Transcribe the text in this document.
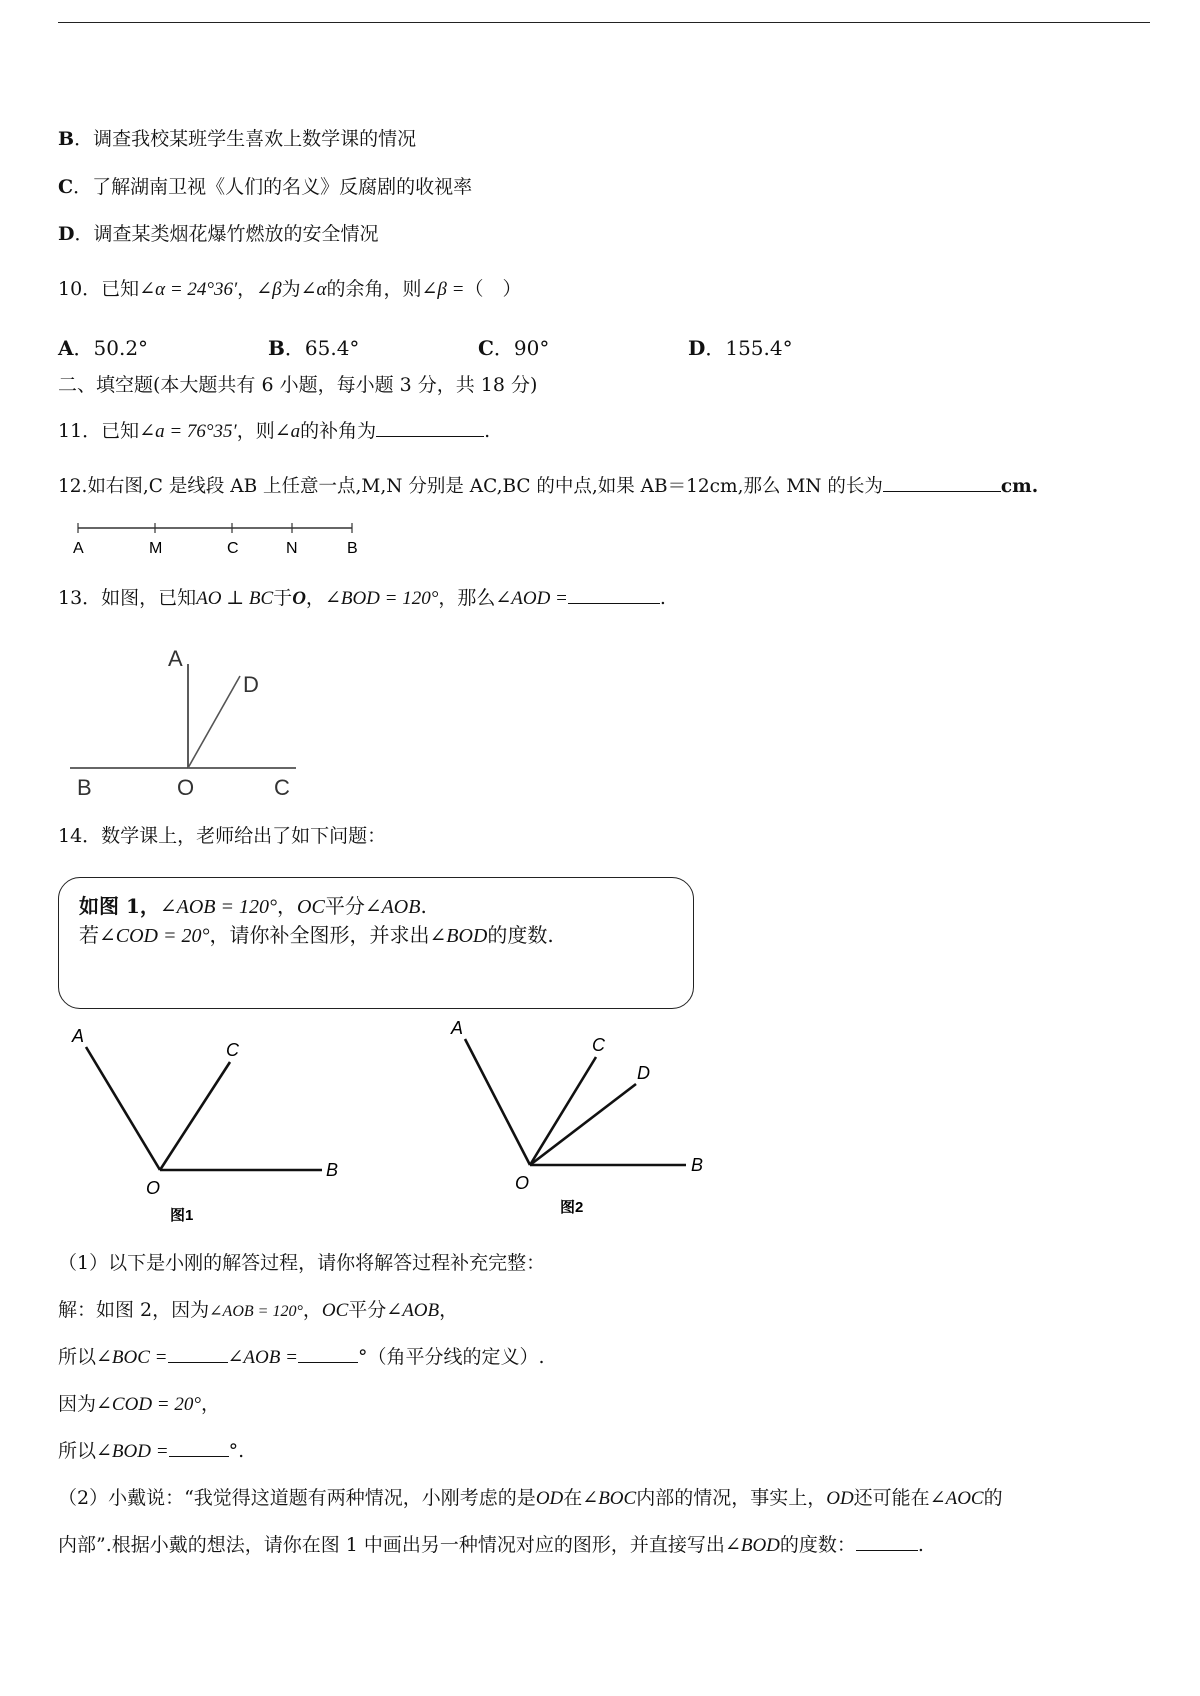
B．调查我校某班学生喜欢上数学课的情况
C．了解湖南卫视《人们的名义》反腐剧的收视率
D．调查某类烟花爆竹燃放的安全情况
10．已知∠α = 24°36′，∠β为∠α的余角，则∠β =（　）
A．50.2°	B．65.4°	C．90°	D．155.4°
二、填空题(本大题共有 6 小题，每小题 3 分，共 18 分)
11．已知∠a = 76°35′，则∠a的补角为	.
12.如右图,C 是线段 AB 上任意一点,M,N 分别是 AC,BC 的中点,如果 AB＝12cm,那么 MN 的长为	cm.
A	M	C	N	B
13．如图，已知AO ⊥ BC于O，∠BOD = 120°，那么∠AOD =	.
A
D
B	O	C
14．数学课上，老师给出了如下问题：
如图 1，∠AOB = 120°，OC平分∠AOB.
若∠COD = 20°，请你补全图形，并求出∠BOD的度数.
A
C
O
B
图1
A
C
D
O
B
图2
（1）以下是小刚的解答过程，请你将解答过程补充完整：
解：如图 2，因为∠AOB = 120°，OC平分∠AOB，
所以∠BOC =	∠AOB =	°（角平分线的定义）.
因为∠COD = 20°，
所以∠BOD =	°.
（2）小戴说：“我觉得这道题有两种情况，小刚考虑的是OD在∠BOC内部的情况，事实上，OD还可能在∠AOC的
内部”.根据小戴的想法，请你在图 1 中画出另一种情况对应的图形，并直接写出∠BOD的度数：	.
